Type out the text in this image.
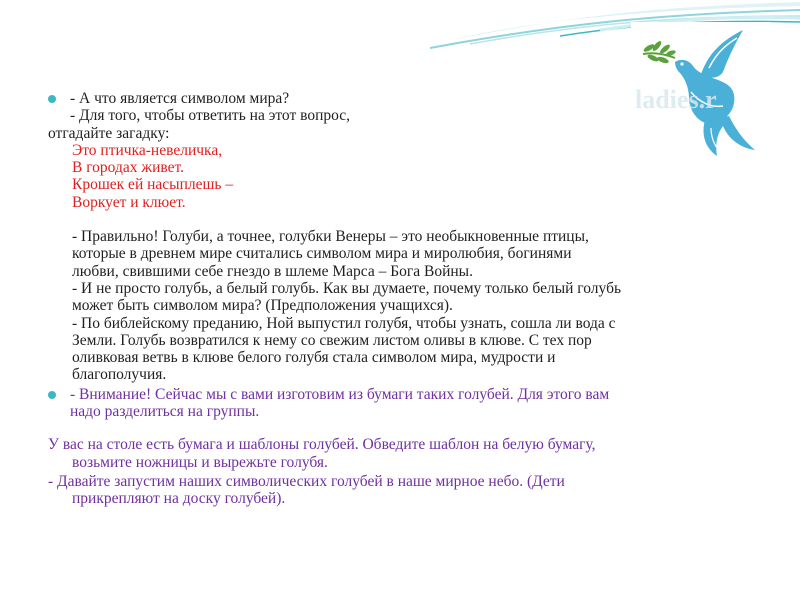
ladies.r

- А что является символом мира?

- Для того, чтобы ответить на этот вопрос,

отгадайте загадку:

Это птичка-невеличка,

В городах живет.

Крошек ей насыплешь –

Воркует и клюет.

- Правильно! Голуби, а точнее, голубки Венеры – это необыкновенные птицы,

которые в древнем мире считались символом мира и миролюбия, богинями

любви, свившими себе гнездо в шлеме Марса – Бога Войны.

- И не просто голубь, а белый голубь. Как вы думаете, почему только белый голубь

может быть символом мира? (Предположения учащихся).

- По библейскому преданию, Ной выпустил голубя, чтобы узнать, сошла ли вода с

Земли. Голубь возвратился к нему со свежим листом оливы в клюве. С тех пор

оливковая ветвь в клюве белого голубя стала символом мира, мудрости и

благополучия.

- Внимание! Сейчас мы с вами изготовим из бумаги таких голубей. Для этого вам

надо разделиться на группы.

У вас на столе есть бумага и шаблоны голубей. Обведите шаблон на белую бумагу,

возьмите ножницы и вырежьте голубя.

- Давайте запустим наших символических голубей в наше мирное небо. (Дети

прикрепляют на доску голубей).
